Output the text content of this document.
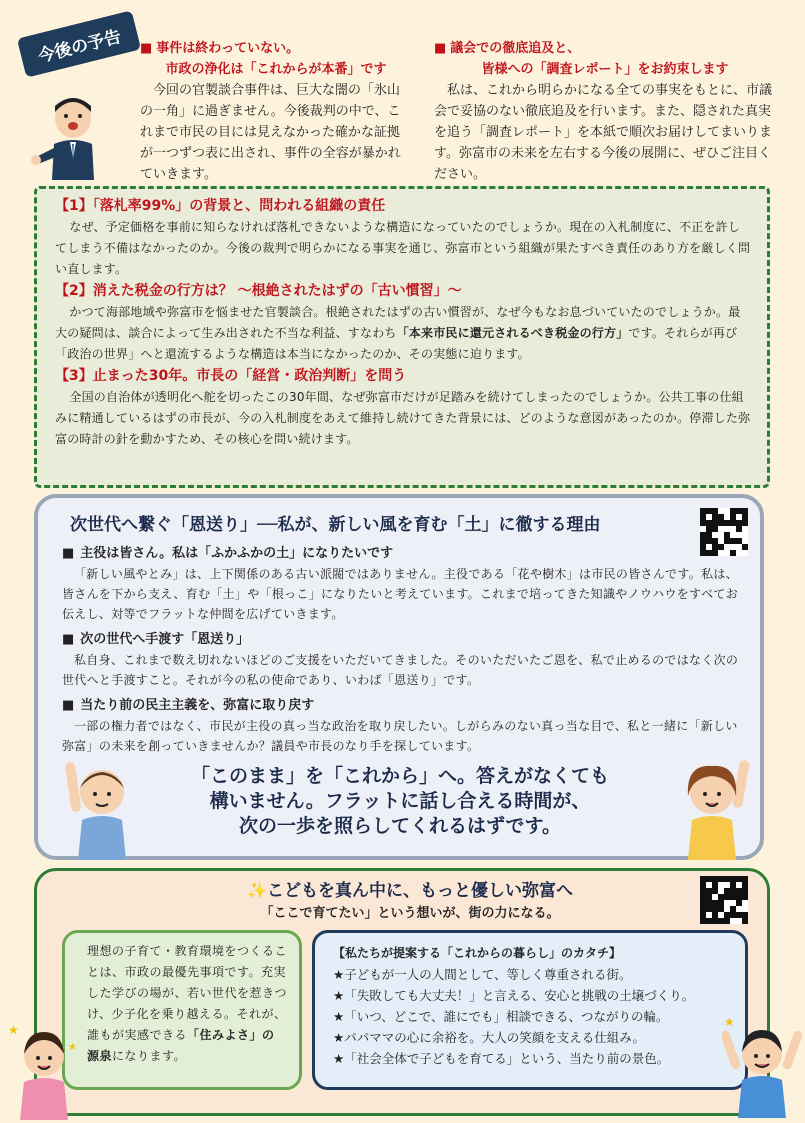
今後の予告	■ 事件は終わっていない。
市政の浄化は「これからが本番」です
今回の官製談合事件は、巨大な闇の「氷山の一角」に過ぎません。今後裁判の中で、これまで市民の目には見えなかった確かな証拠が一つずつ表に出され、事件の全容が暴かれていきます。
■ 議会での徹底追及と、
皆様への「調査レポート」をお約束します
私は、これから明らかになる全ての事実をもとに、市議会で妥協のない徹底追及を行います。また、隠された真実を追う「調査レポート」を本紙で順次お届けしてまいります。弥富市の未来を左右する今後の展開に、ぜひご注目ください。
【1】「落札率99%」の背景と、問われる組織の責任
なぜ、予定価格を事前に知らなければ落札できないような構造になっていたのでしょうか。現在の入札制度に、不正を許してしまう不備はなかったのか。今後の裁判で明らかになる事実を通じ、弥富市という組織が果たすべき責任のあり方を厳しく問い直します。
【2】消えた税金の行方は？ ～根絶されたはずの「古い慣習」～
かつて海部地域や弥富市を悩ませた官製談合。根絶されたはずの古い慣習が、なぜ今もなお息づいていたのでしょうか。最大の疑問は、談合によって生み出された不当な利益、すなわち「本来市民に還元されるべき税金の行方」です。それらが再び「政治の世界」へと還流するような構造は本当になかったのか、その実態に迫ります。
【3】止まった30年。市長の「経営・政治判断」を問う
全国の自治体が透明化へ舵を切ったこの30年間、なぜ弥富市だけが足踏みを続けてしまったのでしょうか。公共工事の仕組みに精通しているはずの市長が、今の入札制度をあえて維持し続けてきた背景には、どのような意図があったのか。停滞した弥富の時計の針を動かすため、その核心を問い続けます。
次世代へ繋ぐ「恩送り」──私が、新しい風を育む「土」に徹する理由
■ 主役は皆さん。私は「ふかふかの土」になりたいです
「新しい風やとみ」は、上下関係のある古い派閥ではありません。主役である「花や樹木」は市民の皆さんです。私は、皆さんを下から支え、育む「土」や「根っこ」になりたいと考えています。これまで培ってきた知識やノウハウをすべてお伝えし、対等でフラットな仲間を広げていきます。
■ 次の世代へ手渡す「恩送り」
私自身、これまで数え切れないほどのご支援をいただいてきました。そのいただいたご恩を、私で止めるのではなく次の世代へと手渡すこと。それが今の私の使命であり、いわば「恩送り」です。
■ 当たり前の民主主義を、弥富に取り戻す
一部の権力者ではなく、市民が主役の真っ当な政治を取り戻したい。しがらみのない真っ当な目で、私と一緒に「新しい弥富」の未来を創っていきませんか？議員や市長のなり手を探しています。
「このまま」を「これから」へ。答えがなくても
構いません。フラットに話し合える時間が、
次の一歩を照らしてくれるはずです。
✨こどもを真ん中に、もっと優しい弥富へ
「ここで育てたい」という想いが、街の力になる。
理想の子育て・教育環境をつくることは、市政の最優先事項です。充実した学びの場が、若い世代を惹きつけ、少子化を乗り越える。それが、誰もが実感できる「住みよさ」の源泉になります。
【私たちが提案する「これからの暮らし」のカタチ】
★子どもが一人の人間として、等しく尊重される街。
★「失敗しても大丈夫！」と言える、安心と挑戦の土壌づくり。
★「いつ、どこで、誰にでも」相談できる、つながりの輪。
★パパママの心に余裕を。大人の笑顔を支える仕組み。
★「社会全体で子どもを育てる」という、当たり前の景色。
★
★
★
